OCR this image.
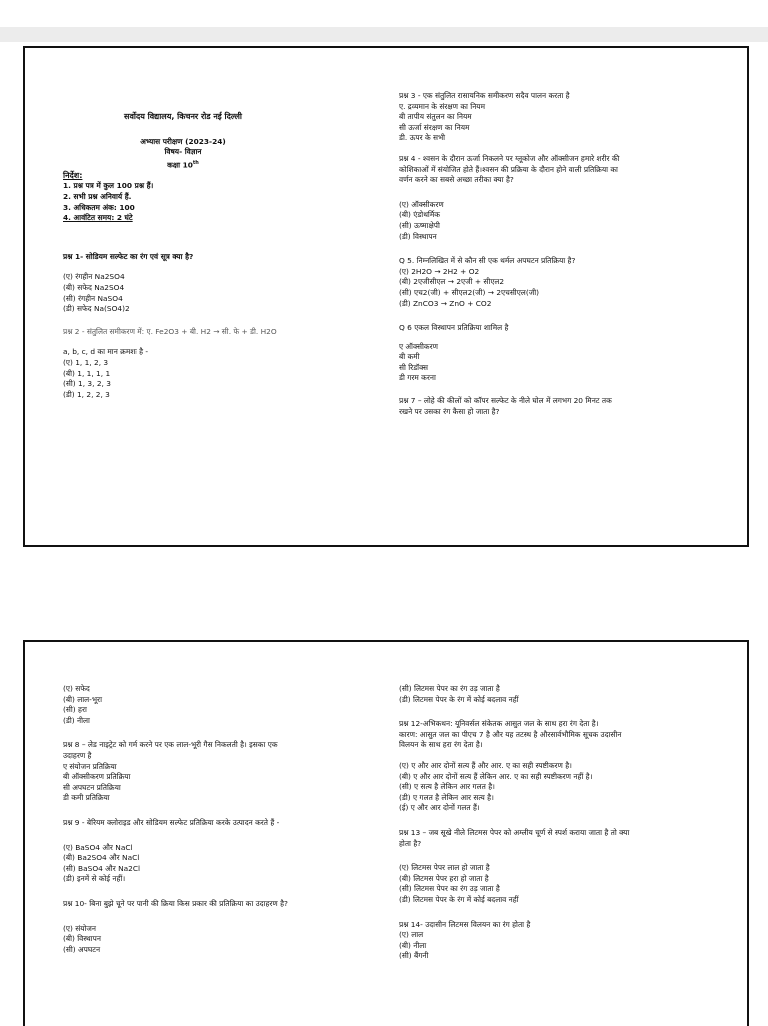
सर्वोदय विद्यालय, किचनर रोड नई दिल्ली
अभ्यास परीक्षण (2023-24)
विषय- विज्ञान
कक्षा 10th
निर्देश:
1. प्रश्न पत्र में कुल 100 प्रश्न हैं।
2. सभी प्रश्न अनिवार्य हैं.
3. अधिकतम अंक: 100
4. आवंटित समय: 2 घंटे
प्रश्न 1- सोडियम सल्फेट का रंग एवं सूत्र क्या है?
(ए) रंगहीन Na2SO4
(बी) सफेद Na2SO4
(सी) रंगहीन NaSO4
(डी) सफेद Na(SO4)2
प्रश्न 2 - संतुलित समीकरण में: ए. Fe2O3 + बी. H2 → सी. फे + डी. H2O
a, b, c, d का मान क्रमशः है -
(ए) 1, 1, 2, 3
(बी) 1, 1, 1, 1
(सी) 1, 3, 2, 3
(डी) 1, 2, 2, 3
प्रश्न 3 - एक संतुलित रासायनिक समीकरण सदैव पालन करता है
ए. द्रव्यमान के संरक्षण का नियम
बी तापीय संतुलन का नियम
सी ऊर्जा संरक्षण का नियम
डी. ऊपर के सभी
प्रश्न 4 - श्वसन के दौरान ऊर्जा निकलने पर ग्लूकोज और ऑक्सीजन हमारे शरीर की
कोशिकाओं में संयोजित होते हैं।श्वसन की प्रक्रिया के दौरान होने वाली प्रतिक्रिया का
वर्णन करने का सबसे अच्छा तरीका क्या है?
(ए) ऑक्सीकरण
(बी) एंडोथर्मिक
(सी) ऊष्माक्षेपी
(डी) विस्थापन
Q 5. निम्नलिखित में से कौन सी एक थर्मल अपघटन प्रतिक्रिया है?
(ए) 2H2O → 2H2 + O2
(बी) 2एजीसीएल → 2एजी + सीएल2
(सी) एच2(जी) + सीएल2(जी) → 2एचसीएल(जी)
(डी) ZnCO3 → ZnO + CO2
Q 6 एकल विस्थापन प्रतिक्रिया शामिल है
ए ऑक्सीकरण
बी कमी
सी रिडॉक्स
डी गरम करना
प्रश्न 7 – लोहे की कीलों को कॉपर सल्फेट के नीले घोल में लगभग 20 मिनट तक
रखने पर उसका रंग कैसा हो जाता है?
(ए) सफेद
(बी) लाल-भूरा
(सी) हरा
(डी) नीला
प्रश्न 8 – लेड नाइट्रेट को गर्म करने पर एक लाल-भूरी गैस निकलती है। इसका एक
उदाहरण है
ए संयोजन प्रतिक्रिया
बी ऑक्सीकरण प्रतिक्रिया
सी अपघटन प्रतिक्रिया
डी कमी प्रतिक्रिया
प्रश्न 9 - बेरियम क्लोराइड और सोडियम सल्फेट प्रतिक्रिया करके उत्पादन करते हैं -
(ए) BaSO4 और NaCl
(बी) Ba2SO4 और NaCl
(सी) BaSO4 और Na2Cl
(डी) इनमें से कोई नहीं।
प्रश्न 10- बिना बुझे चूने पर पानी की क्रिया किस प्रकार की प्रतिक्रिया का उदाहरण है?
(ए) संयोजन
(बी) विस्थापन
(सी) अपघटन
(सी) लिटमस पेपर का रंग उड़ जाता है
(डी) लिटमस पेपर के रंग में कोई बदलाव नहीं
प्रश्न 12-अभिकथन: यूनिवर्सल संकेतक आसुत जल के साथ हरा रंग देता है।
कारण: आसुत जल का पीएच 7 है और यह तटस्थ है औरसार्वभौमिक सूचक उदासीन
विलयन के साथ हरा रंग देता है।
(ए) ए और आर दोनों सत्य हैं और आर. ए का सही स्पष्टीकरण है।
(बी) ए और आर दोनों सत्य हैं लेकिन आर. ए का सही स्पष्टीकरण नहीं है।
(सी) ए सत्य है लेकिन आर गलत है।
(डी) ए गलत है लेकिन आर सत्य है।
(ई) ए और आर दोनों गलत हैं।
प्रश्न 13 – जब सूखे नीले लिटमस पेपर को अम्लीय चूर्ण से स्पर्श कराया जाता है तो क्या
होता है?
(ए) लिटमस पेपर लाल हो जाता है
(बी) लिटमस पेपर हरा हो जाता है
(सी) लिटमस पेपर का रंग उड़ जाता है
(डी) लिटमस पेपर के रंग में कोई बदलाव नहीं
प्रश्न 14- उदासीन लिटमस विलयन का रंग होता है
(ए) लाल
(बी) नीला
(सी) बैंगनी
